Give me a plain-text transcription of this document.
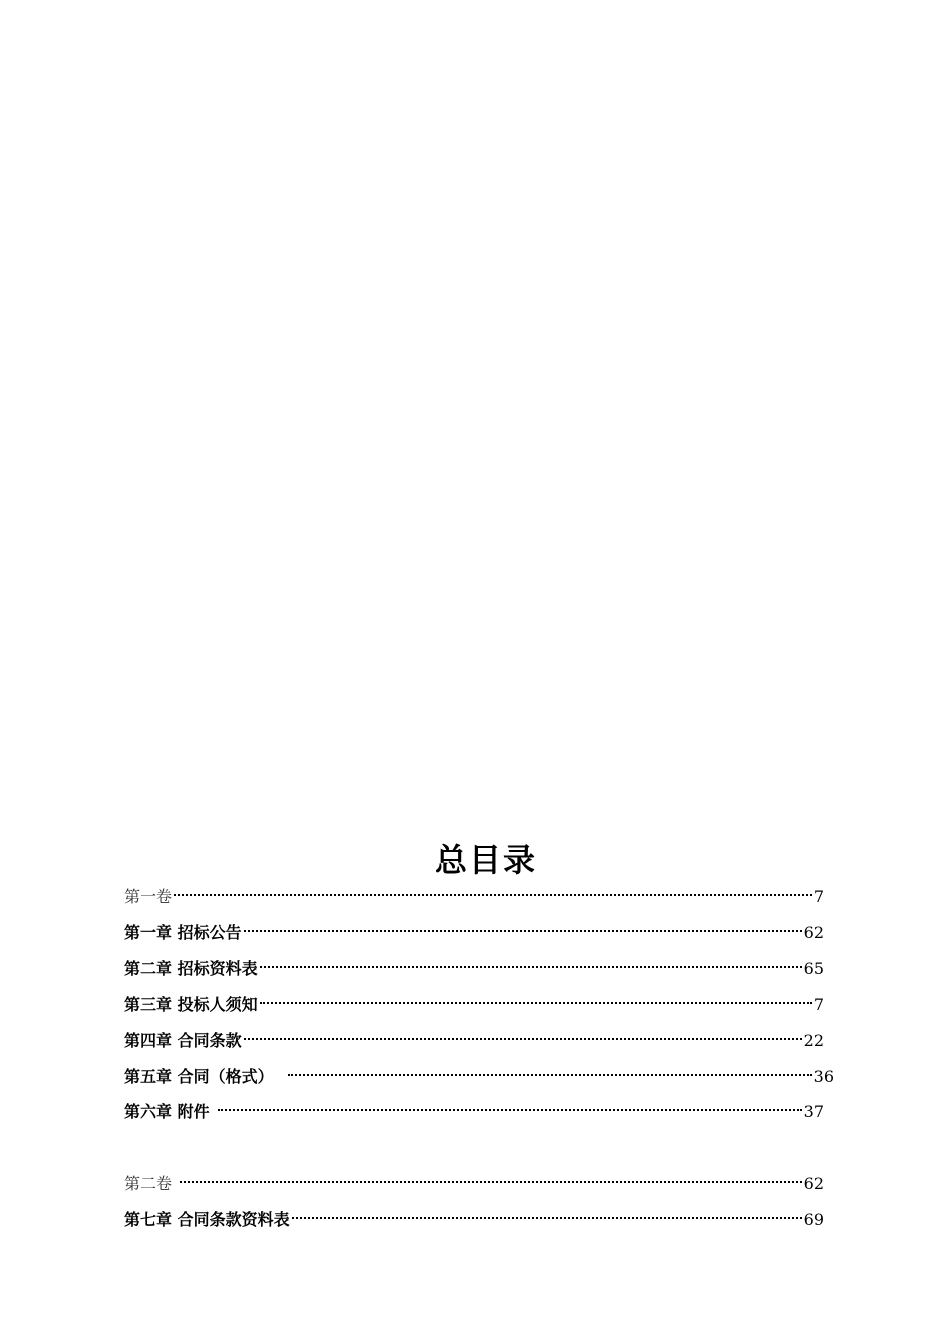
总目录
第一卷	7
第一章 招标公告	62
第二章 招标资料表	65
第三章 投标人须知	7
第四章 合同条款	22
第五章 合同（格式）	36
第六章 附件	37
第二卷	62
第七章 合同条款资料表	69
